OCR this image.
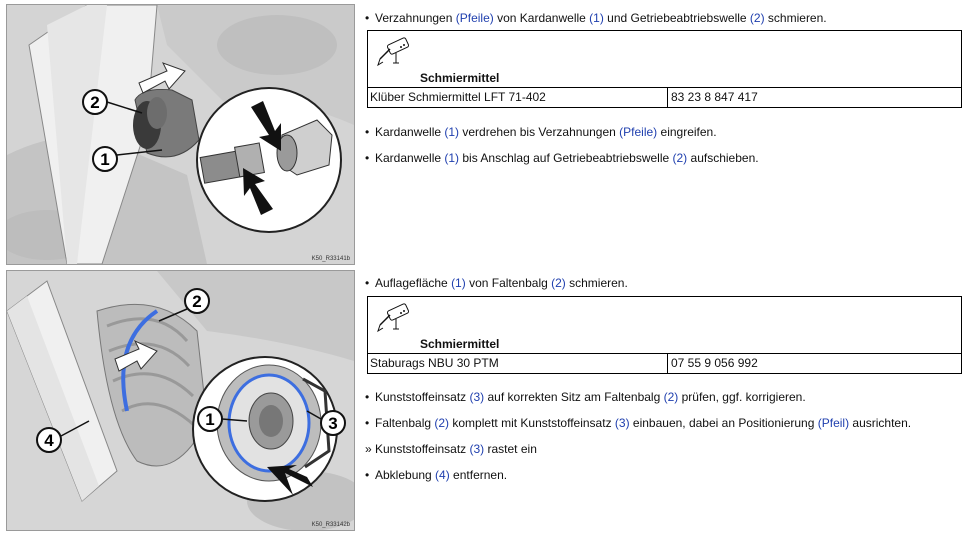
2
1
K50_R33141b
• Verzahnungen (Pfeile) von Kardanwelle (1) und Getriebeabtriebswelle (2) schmieren.
Schmiermittel
Klüber Schmiermittel LFT 71-402	83 23 8 847 417
• Kardanwelle (1) verdrehen bis Verzahnungen (Pfeile) eingreifen.
• Kardanwelle (1) bis Anschlag auf Getriebeabtriebswelle (2) aufschieben.
2
1	3
4
K50_R33142b
• Auflagefläche (1) von Faltenbalg (2) schmieren.
Schmiermittel
Staburags NBU 30 PTM	07 55 9 056 992
• Kunststoffeinsatz (3) auf korrekten Sitz am Faltenbalg (2) prüfen, ggf. korrigieren.
• Faltenbalg (2) komplett mit Kunststoffeinsatz (3) einbauen, dabei an Positionierung (Pfeil) ausrichten.
» Kunststoffeinsatz (3) rastet ein
• Abklebung (4) entfernen.
